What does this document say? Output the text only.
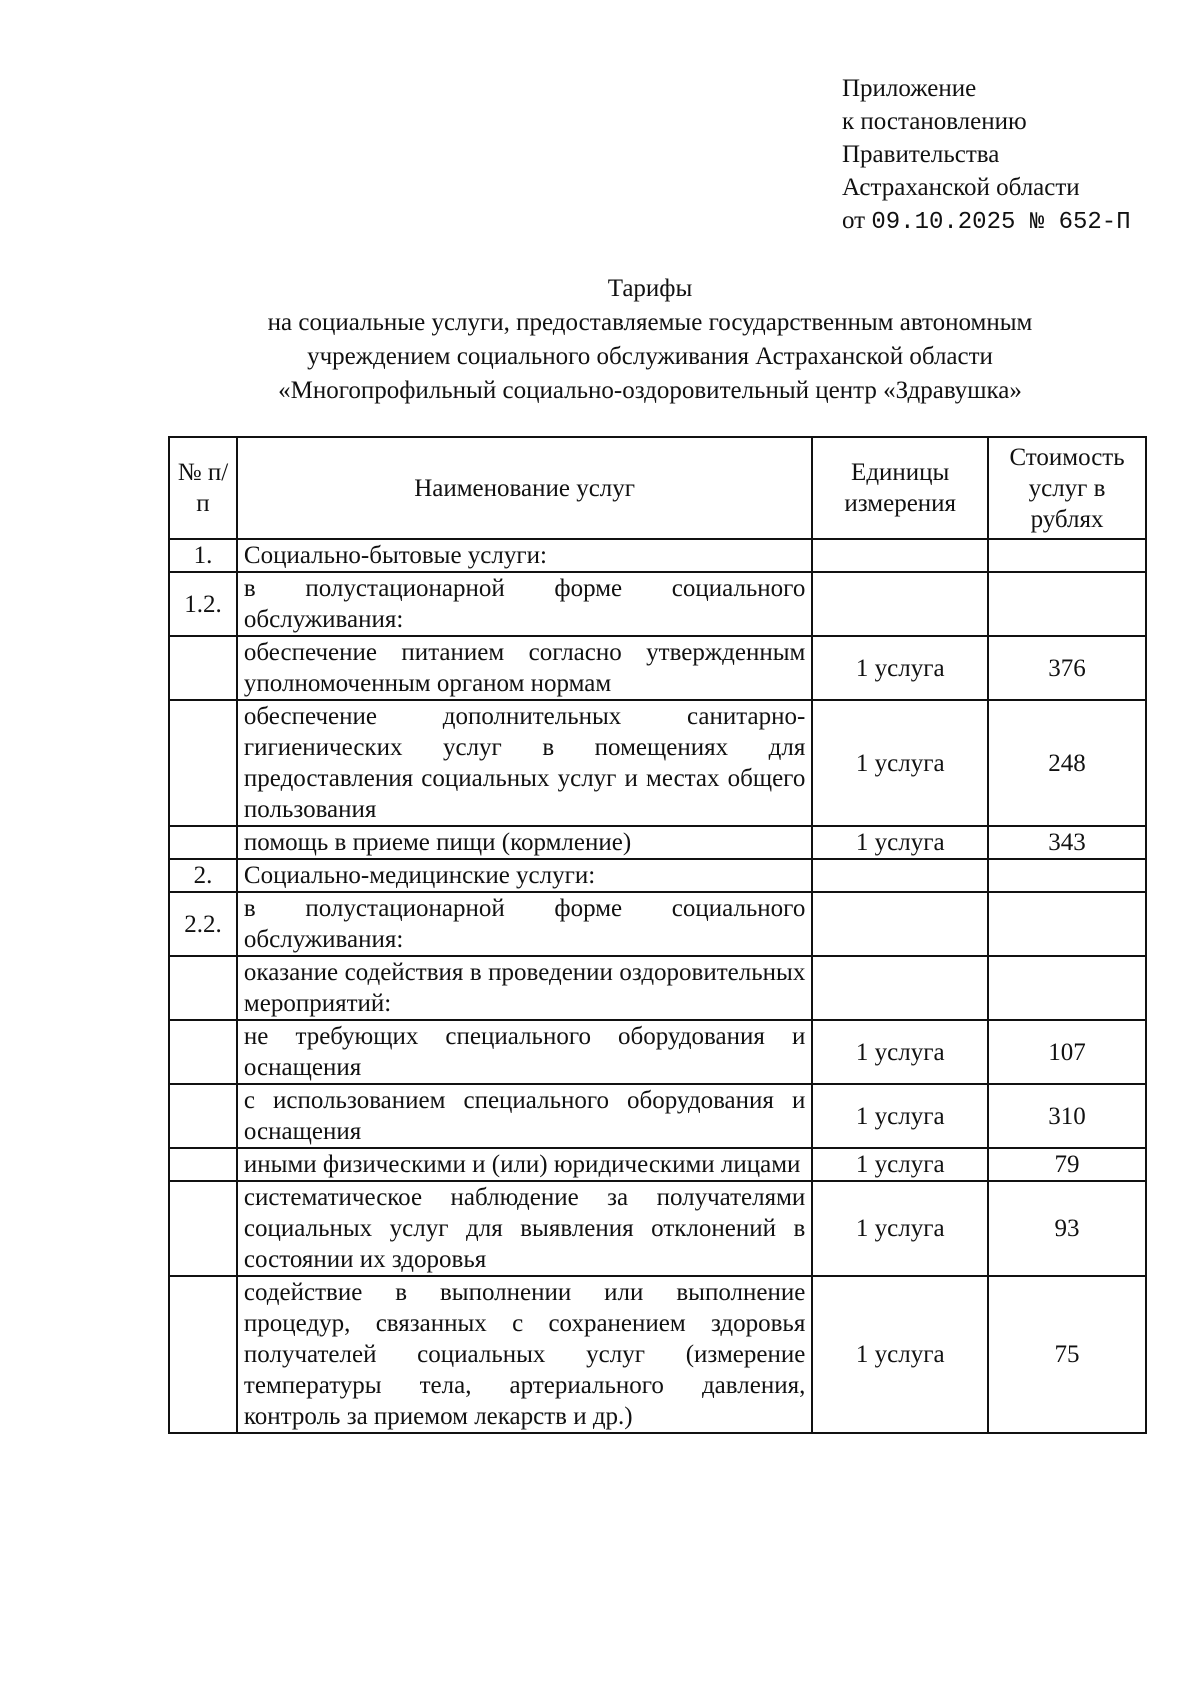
Приложение
к постановлению
Правительства
Астраханской области
от 09.10.2025 № 652-П
Тарифы
на социальные услуги, предоставляемые государственным автономным
учреждением социального обслуживания Астраханской области
«Многопрофильный социально-оздоровительный центр «Здравушка»
№ п/п	Наименование услуг	Единицы измерения	Стоимость услуг в рублях
1.	Социально-бытовые услуги:		
1.2.	в полустационарной форме социального обслуживания:		
	обеспечение питанием согласно утвержденным уполномоченным органом нормам	1 услуга	376
	обеспечение дополнительных санитарно-гигиенических услуг в помещениях для предоставления социальных услуг и местах общего пользования	1 услуга	248
	помощь в приеме пищи (кормление)	1 услуга	343
2.	Социально-медицинские услуги:		
2.2.	в полустационарной форме социального обслуживания:		
	оказание содействия в проведении оздоровительных мероприятий:		
	не требующих специального оборудования и оснащения	1 услуга	107
	с использованием специального оборудования и оснащения	1 услуга	310
	иными физическими и (или) юридическими лицами	1 услуга	79
	систематическое наблюдение за получателями социальных услуг для выявления отклонений в состоянии их здоровья	1 услуга	93
	содействие в выполнении или выполнение процедур, связанных с сохранением здоровья получателей социальных услуг (измерение температуры тела, артериального давления, контроль за приемом лекарств и др.)	1 услуга	75
